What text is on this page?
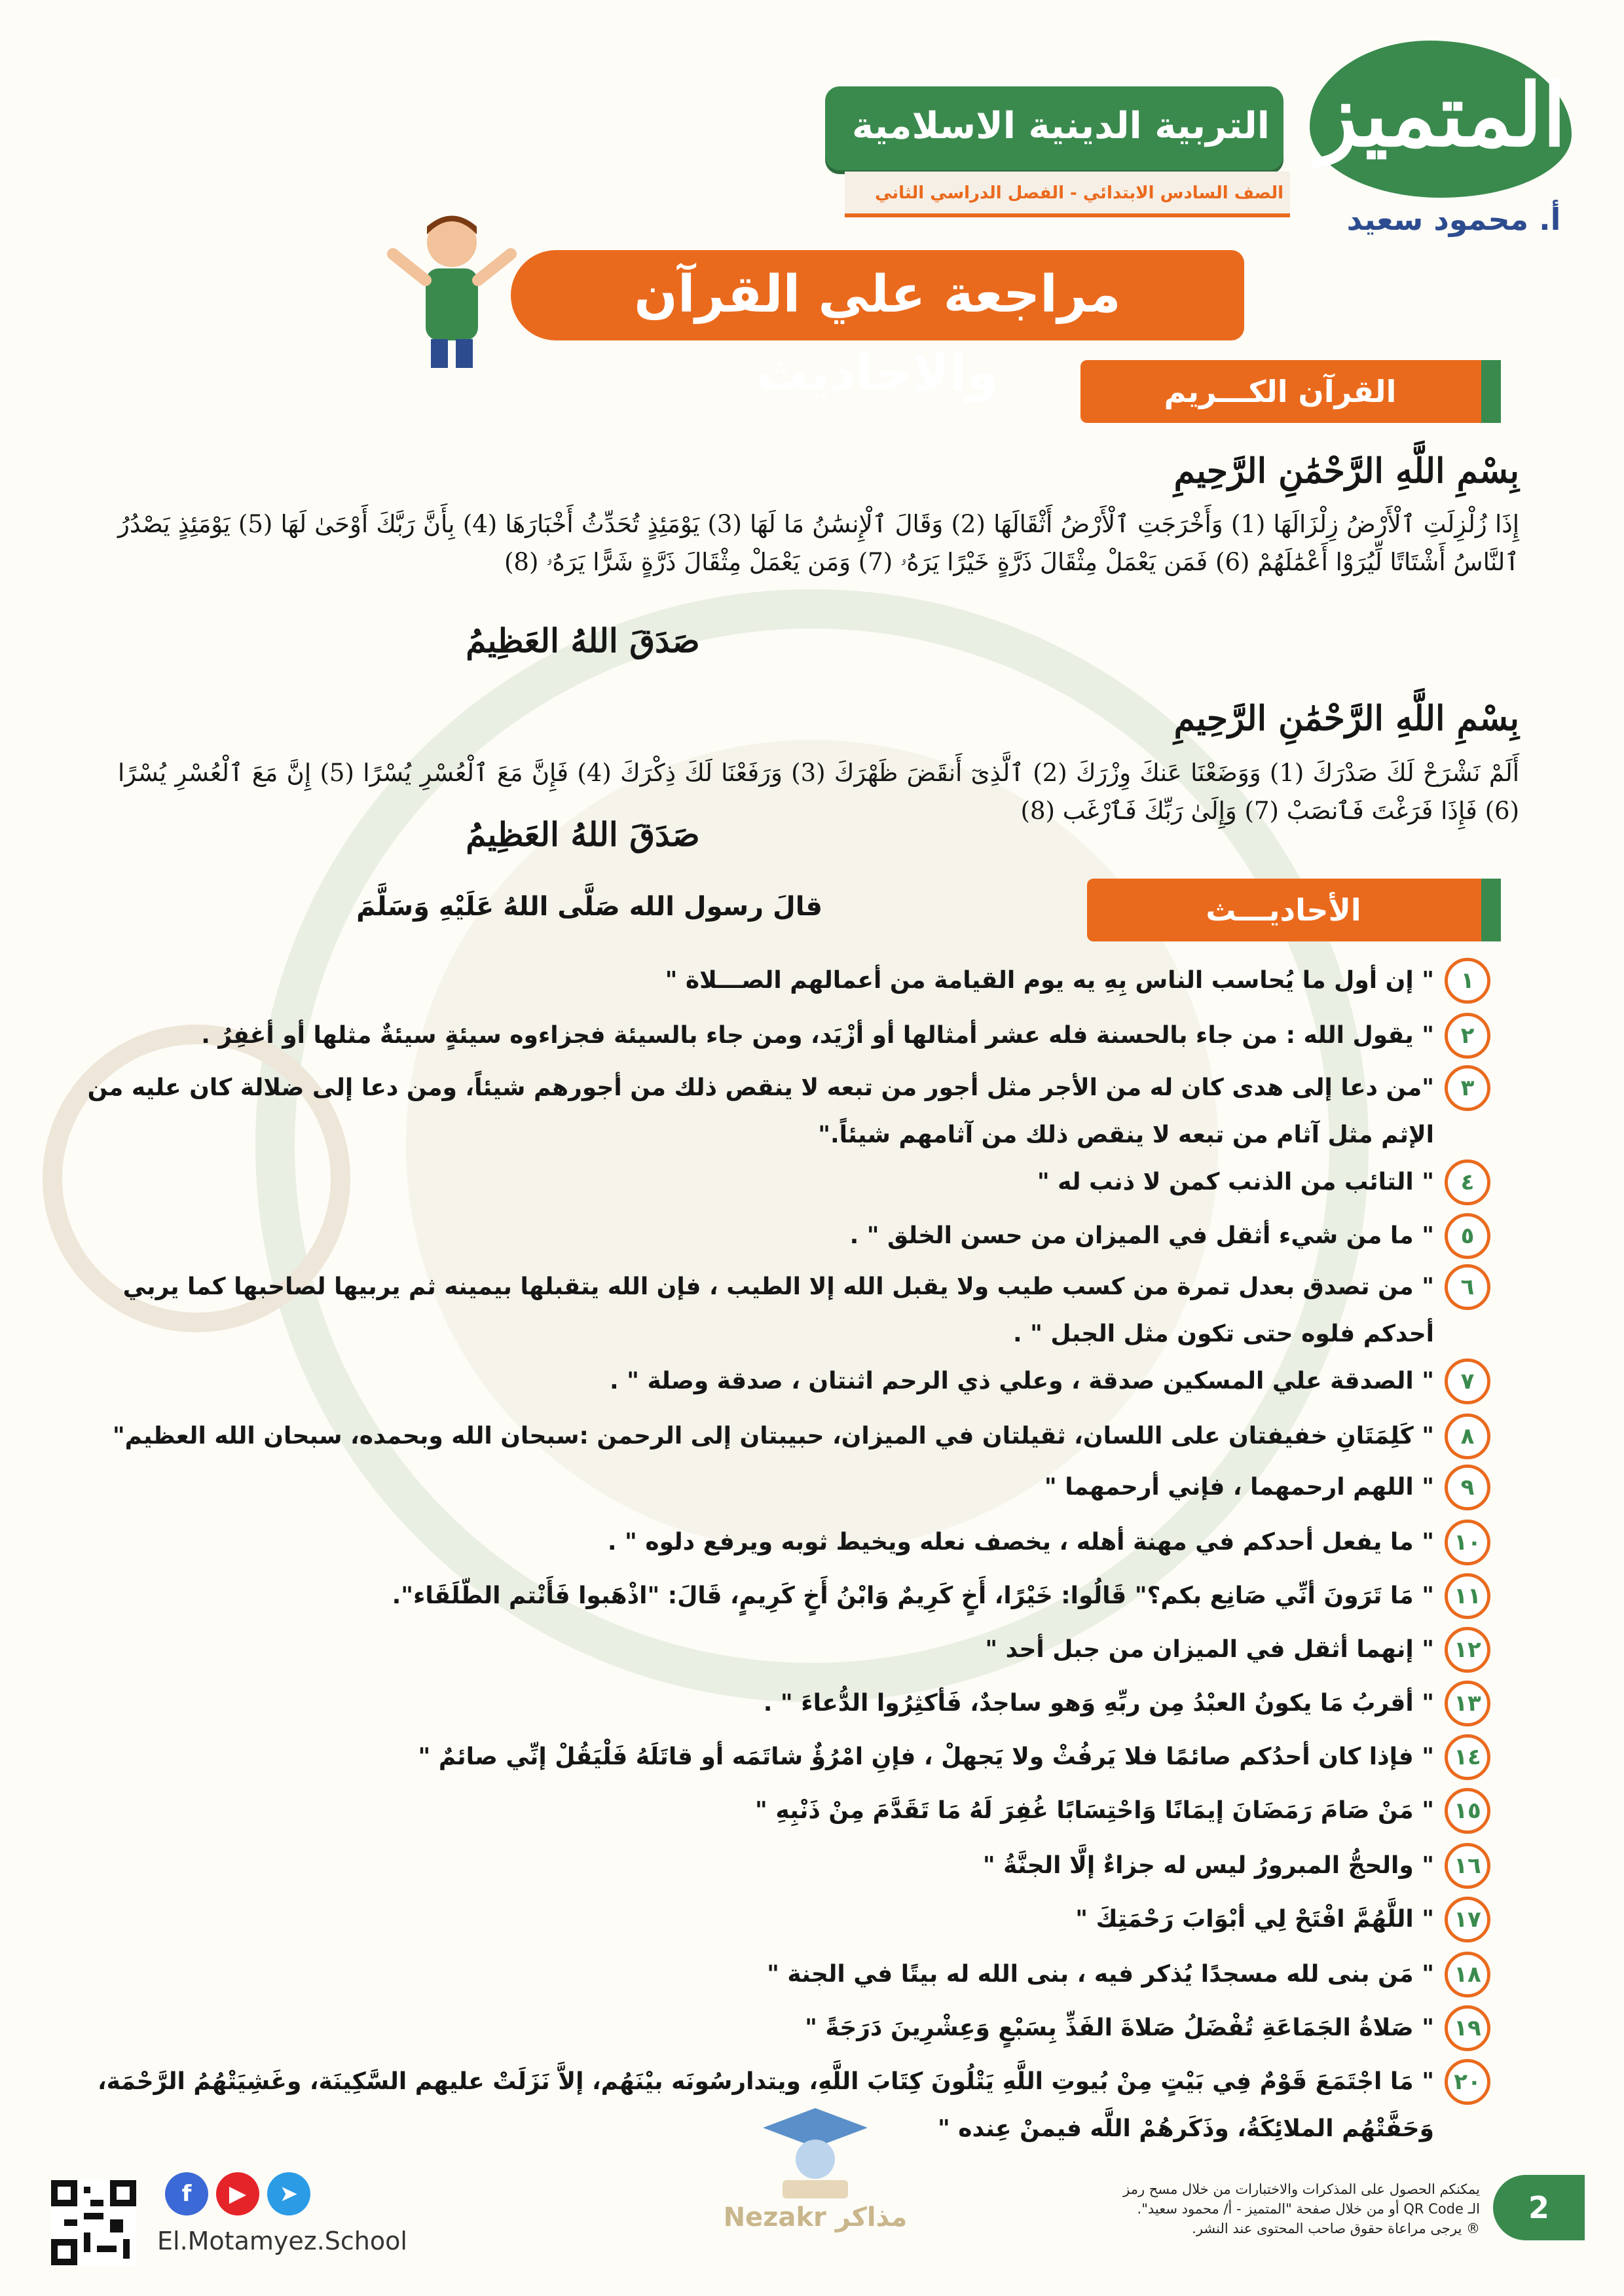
التربية الدينية الاسلامية
الصف السادس الابتدائي - الفصل الدراسي الثاني
المتميز
أ. محمود سعيد
مراجعة علي القرآن والاحاديث	القرآن الكـــريم
بِسْمِ اللَّهِ الرَّحْمَٰنِ الرَّحِيمِ
إِذَا زُلْزِلَتِ ٱلْأَرْضُ زِلْزَالَهَا (1) وَأَخْرَجَتِ ٱلْأَرْضُ أَثْقَالَهَا (2) وَقَالَ ٱلْإِنسَٰنُ مَا لَهَا (3) يَوْمَئِذٍ تُحَدِّثُ أَخْبَارَهَا (4) بِأَنَّ رَبَّكَ أَوْحَىٰ لَهَا (5) يَوْمَئِذٍ يَصْدُرُ ٱلنَّاسُ أَشْتَاتًا لِّيُرَوْا أَعْمَٰلَهُمْ (6) فَمَن يَعْمَلْ مِثْقَالَ ذَرَّةٍ خَيْرًا يَرَهُۥ (7) وَمَن يَعْمَلْ مِثْقَالَ ذَرَّةٍ شَرًّا يَرَهُۥ (8)
صَدَقَ اللهُ العَظِيمُ
بِسْمِ اللَّهِ الرَّحْمَٰنِ الرَّحِيمِ
أَلَمْ نَشْرَحْ لَكَ صَدْرَكَ (1) وَوَضَعْنَا عَنكَ وِزْرَكَ (2) ٱلَّذِىٓ أَنقَضَ ظَهْرَكَ (3) وَرَفَعْنَا لَكَ ذِكْرَكَ (4) فَإِنَّ مَعَ ٱلْعُسْرِ يُسْرًا (5) إِنَّ مَعَ ٱلْعُسْرِ يُسْرًا (6) فَإِذَا فَرَغْتَ فَٱنصَبْ (7) وَإِلَىٰ رَبِّكَ فَٱرْغَب (8)
صَدَقَ اللهُ العَظِيمُ
الأحاديـــث
قالَ رسول الله صَلَّى اللهُ عَلَيْهِ وَسَلَّمَ
١
" إن أول ما يُحاسب الناس بِهِ يه يوم القيامة من أعمالهم الصـــلاة "
٢
" يقول الله : من جاء بالحسنة فله عشر أمثالها أو أزْيَد، ومن جاء بالسيئة فجزاءوه سيئةٍ سيئةٌ مثلها أو أغفِرُ .
٣
"من دعا إلى هدى كان له من الأجر مثل أجور من تبعه لا ينقص ذلك من أجورهم شيئاً، ومن دعا إلى ضلالة كان عليه من الإثم مثل آثام من تبعه لا ينقص ذلك من آثامهم شيئاً."
٤
" التائب من الذنب كمن لا ذنب له "
٥
" ما من شيء أثقل في الميزان من حسن الخلق " .
٦
" من تصدق بعدل تمرة من كسب طيب ولا يقبل الله إلا الطيب ، فإن الله يتقبلها بيمينه ثم يربيها لصاحبها كما يربي أحدكم فلوه حتى تكون مثل الجبل " .
٧
" الصدقة علي المسكين صدقة ، وعلي ذي الرحم اثنتان ، صدقة وصلة " .
٨
" كَلِمَتَانِ خفيفتان على اللسان، ثقيلتان في الميزان، حبيبتان إلى الرحمن :سبحان الله وبحمده، سبحان الله العظيم"
٩
" اللهم ارحمهما ، فإني أرحمهما "
١٠
" ما يفعل أحدكم في مهنة أهله ، يخصف نعله ويخيط ثوبه ويرفع دلوه " .
١١
" مَا تَرَونَ أنِّي صَانِع بكم؟" قَالُوا: خَيْرًا، أَخٍ كَرِيمٌ وَابْنُ أَخٍ كَرِيمٍ، قَالَ: "اذْهَبوا فَأَنْتم الطّلَقَاء".
١٢
" إنهما أثقل في الميزان من جبل أحد "
١٣
" أقربُ مَا يكونُ العبْدُ مِن ربِّهِ وَهو ساجدٌ، فَأكثِرُوا الدُّعاءَ " .
١٤
" فإذا كان أحدُكم صائمًا فلا يَرفُثْ ولا يَجهلْ ، فإنِ امْرُؤٌ شاتَمَه أو قاتَلَهُ فَلْيَقُلْ إنِّي صائمٌ "
١٥
" مَنْ صَامَ رَمَضَانَ إيمَانًا وَاحْتِسَابًا غُفِرَ لَهُ مَا تَقَدَّمَ مِنْ ذَنْبِهِ "
١٦
" والحجُّ المبرورُ ليس له جزاءٌ إلَّا الجنَّةُ "
١٧
" اللَّهُمَّ افْتَحْ لِي أبْوَابَ رَحْمَتِكَ "
١٨
" مَن بنى لله مسجدًا يُذكر فيه ، بنى الله له بيتًا في الجنة "
١٩
" صَلاةُ الجَمَاعَةِ تُفْضَلُ صَلاةَ الفَذِّ بِسَبْعٍ وَعِشْرِينَ دَرَجَةً "
٢٠
" مَا اجْتَمَعَ قَوْمٌ فِي بَيْتٍ مِنْ بُيوتِ اللَّهِ يَتْلُونَ كِتَابَ اللَّهِ، ويتدارسُونَه بيْنَهُم، إلاَّ نَزَلَتْ عليهم السَّكِينَة، وغَشِيَتْهُمُ الرَّحْمَة، وَحَفَّتْهُم الملائِكَةُ، وذَكَرهُمْ اللَّه فيمنْ عِنده "
يمكنكم الحصول على المذكرات والاختبارات من خلال مسح رمز
الـ QR Code أو من خلال صفحة "المتميز - أ/ محمود سعيد".
® يرجى مراعاة حقوق صاحب المحتوى عند النشر.
2
Nezakr مذاكر
f	▶	➤
El.Motamyez.School
